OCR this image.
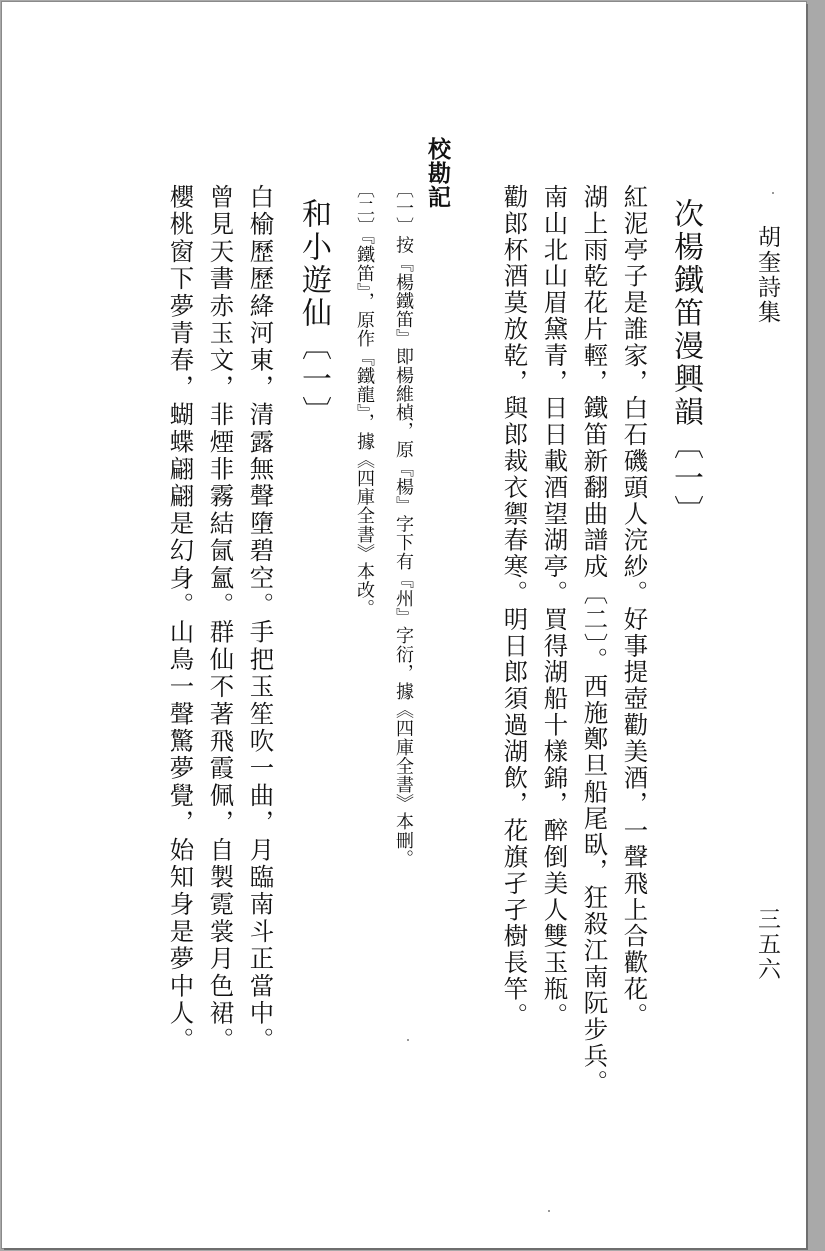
胡奎詩集
三五六
次楊鐵笛漫興韻〔一〕
紅泥亭子是誰家，白石磯頭人浣紗。好事提壺勸美酒，一聲飛上合歡花。
湖上雨乾花片輕，鐵笛新翻曲譜成〔二〕。西施鄭旦船尾臥，狂殺江南阮步兵。
南山北山眉黛青，日日載酒望湖亭。買得湖船十樣錦，醉倒美人雙玉瓶。
勸郎杯酒莫放乾，與郎裁衣禦春寒。明日郎須過湖飲，花旗孑孑樹長竿。
校勘記
〔一〕按『楊鐵笛』即楊維楨，原『楊』字下有『州』字衍，據《四庫全書》本刪。
〔二〕『鐵笛』，原作『鐵龍』，據《四庫全書》本改。
和小遊仙〔一〕
白榆歷歷絳河東，清露無聲墮碧空。手把玉笙吹一曲，月臨南斗正當中。
曾見天書赤玉文，非煙非霧結氤氳。群仙不著飛霞佩，自製霓裳月色裙。
櫻桃窗下夢青春，蝴蝶翩翩是幻身。山鳥一聲驚夢覺，始知身是夢中人。
